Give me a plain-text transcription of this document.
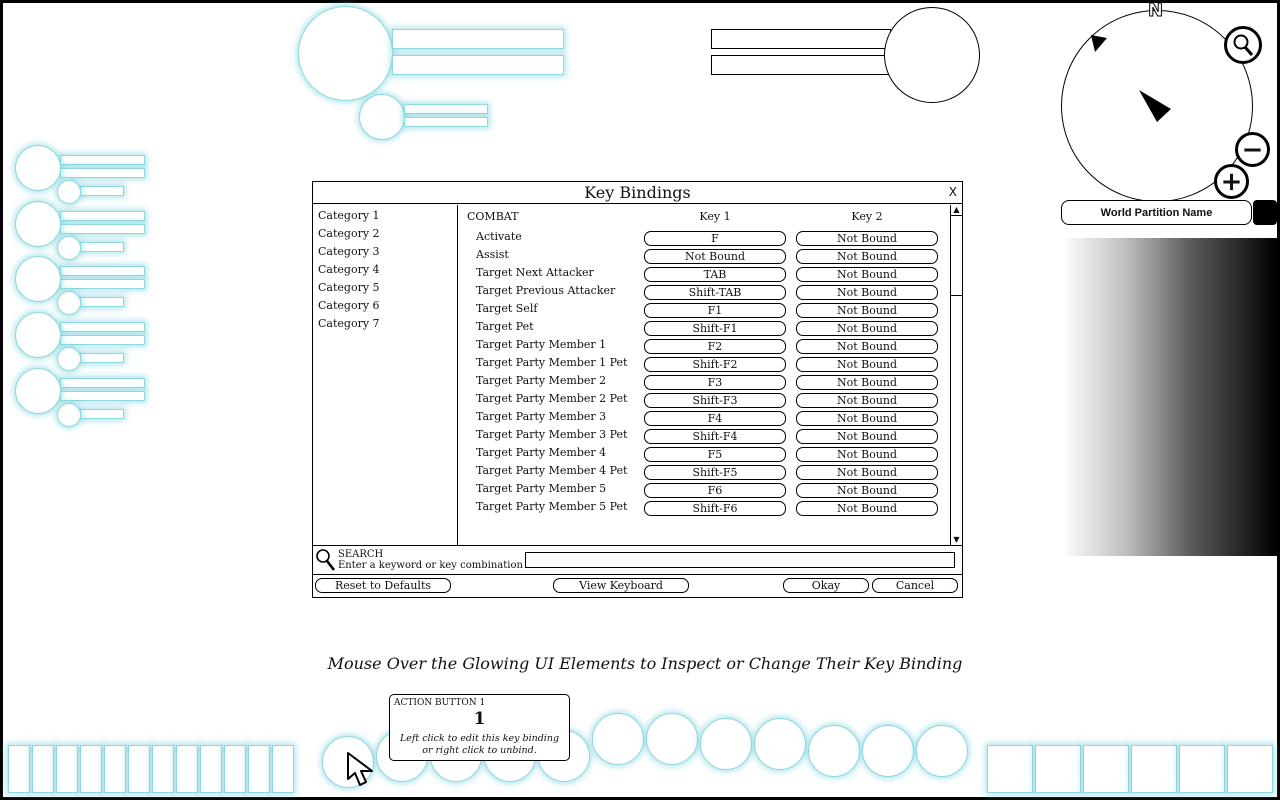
N
−
+
World Partition Name
Key Bindings	X
Category 1
Category 2
Category 3
Category 4
Category 5
Category 6
Category 7
COMBAT	Key 1	Key 2
Activate	F	Not Bound
Assist	Not Bound	Not Bound
Target Next Attacker	TAB	Not Bound
Target Previous Attacker	Shift-TAB	Not Bound
Target Self	F1	Not Bound
Target Pet	Shift-F1	Not Bound
Target Party Member 1	F2	Not Bound
Target Party Member 1 Pet	Shift-F2	Not Bound
Target Party Member 2	F3	Not Bound
Target Party Member 2 Pet	Shift-F3	Not Bound
Target Party Member 3	F4	Not Bound
Target Party Member 3 Pet	Shift-F4	Not Bound
Target Party Member 4	F5	Not Bound
Target Party Member 4 Pet	Shift-F5	Not Bound
Target Party Member 5	F6	Not Bound
Target Party Member 5 Pet	Shift-F6	Not Bound
▲
▼
SEARCH
Enter a keyword or key combination
Reset to Defaults	View Keyboard	Okay	Cancel
Mouse Over the Glowing UI Elements to Inspect or Change Their Key Binding
ACTION BUTTON 1
1
Left click to edit this key binding or right click to unbind.
